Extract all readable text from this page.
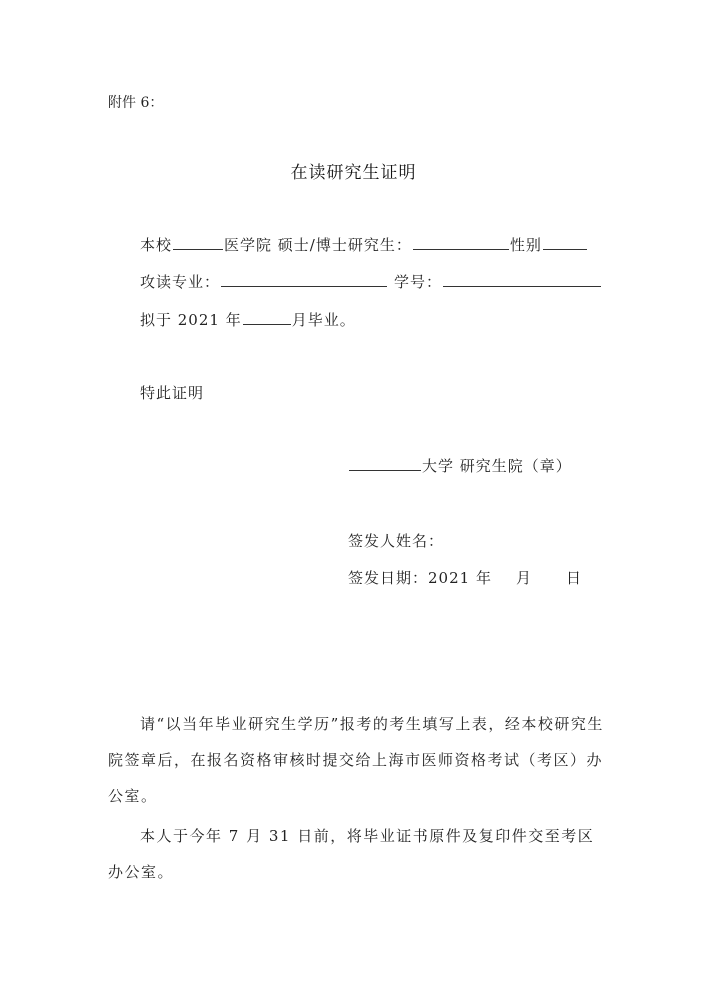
附件 6：
在读研究生证明
本校	医学院 硕士/博士研究生：	性别
攻读专业：	学号：
拟于 2021 年	月毕业。
特此证明
大学 研究生院（章）
签发人姓名：
签发日期：2021 年 月 日
请“以当年毕业研究生学历”报考的考生填写上表，经本校研究生院签章后，在报名资格审核时提交给上海市医师资格考试（考区）办公室。
本人于今年 7 月 31 日前，将毕业证书原件及复印件交至考区办公室。
